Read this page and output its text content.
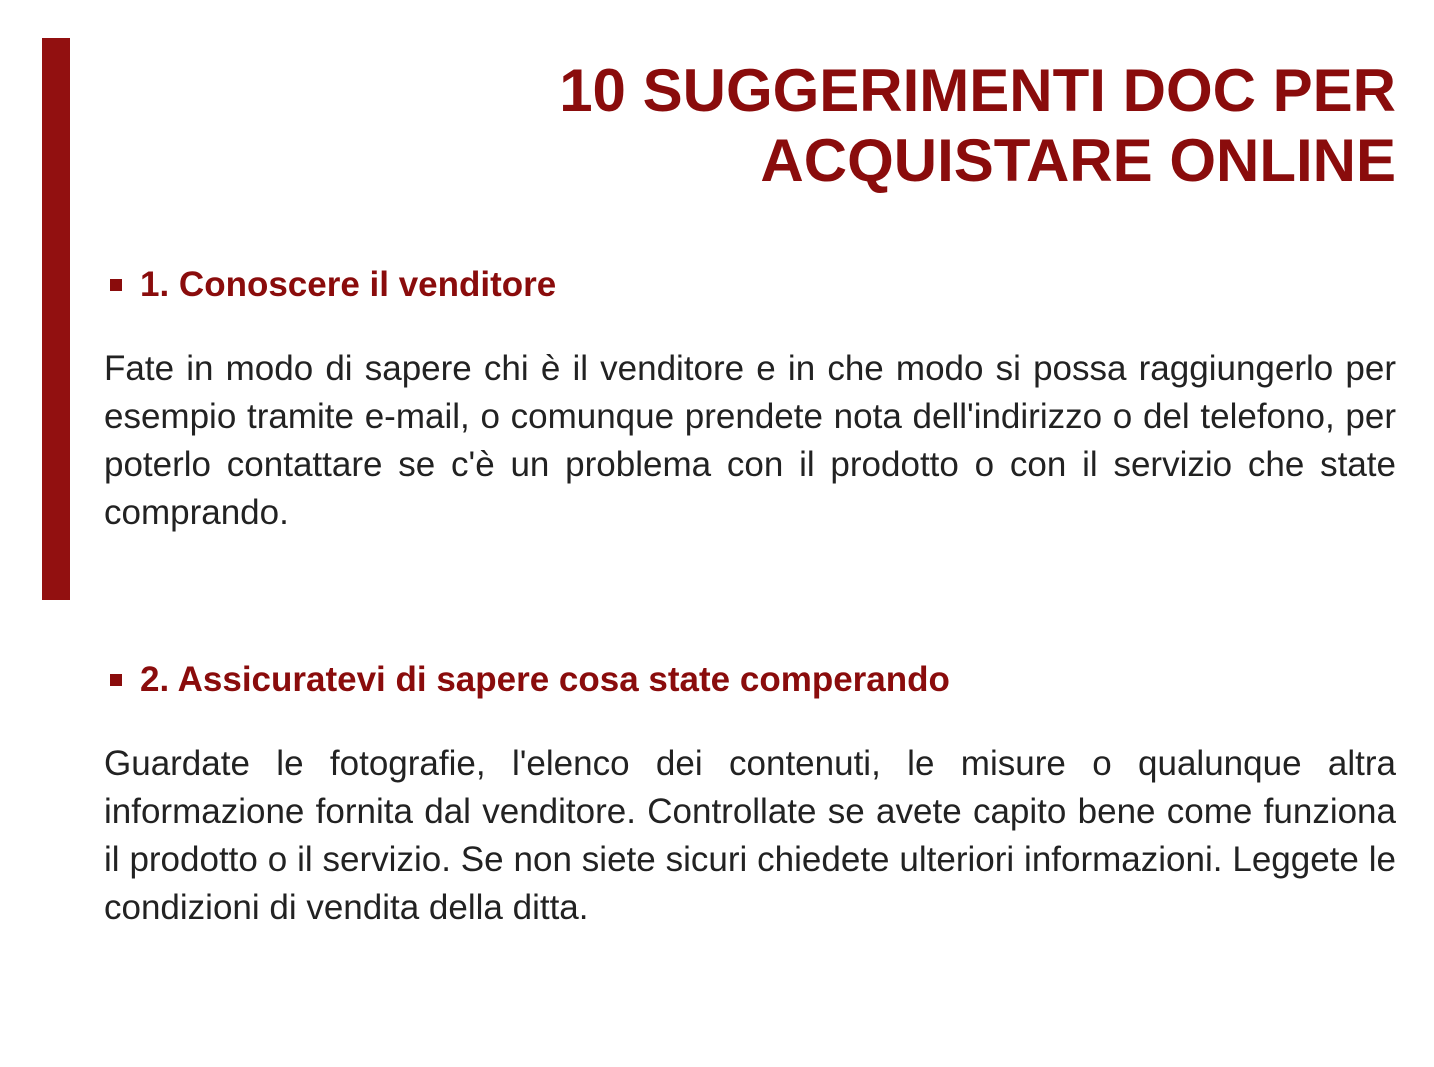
10 SUGGERIMENTI DOC PER
ACQUISTARE ONLINE
1. Conoscere il venditore

Fate in modo di sapere chi è il venditore e in che modo si possa raggiungerlo per esempio tramite e-mail, o comunque prendete nota dell'indirizzo o del telefono, per poterlo contattare se c'è un problema con il prodotto o con il servizio che state comprando.

2. Assicuratevi di sapere cosa state comperando

Guardate le fotografie, l'elenco dei contenuti, le misure o qualunque altra informazione fornita dal venditore. Controllate se avete capito bene come funziona il prodotto o il servizio. Se non siete sicuri chiedete ulteriori informazioni. Leggete le condizioni di vendita della ditta.
